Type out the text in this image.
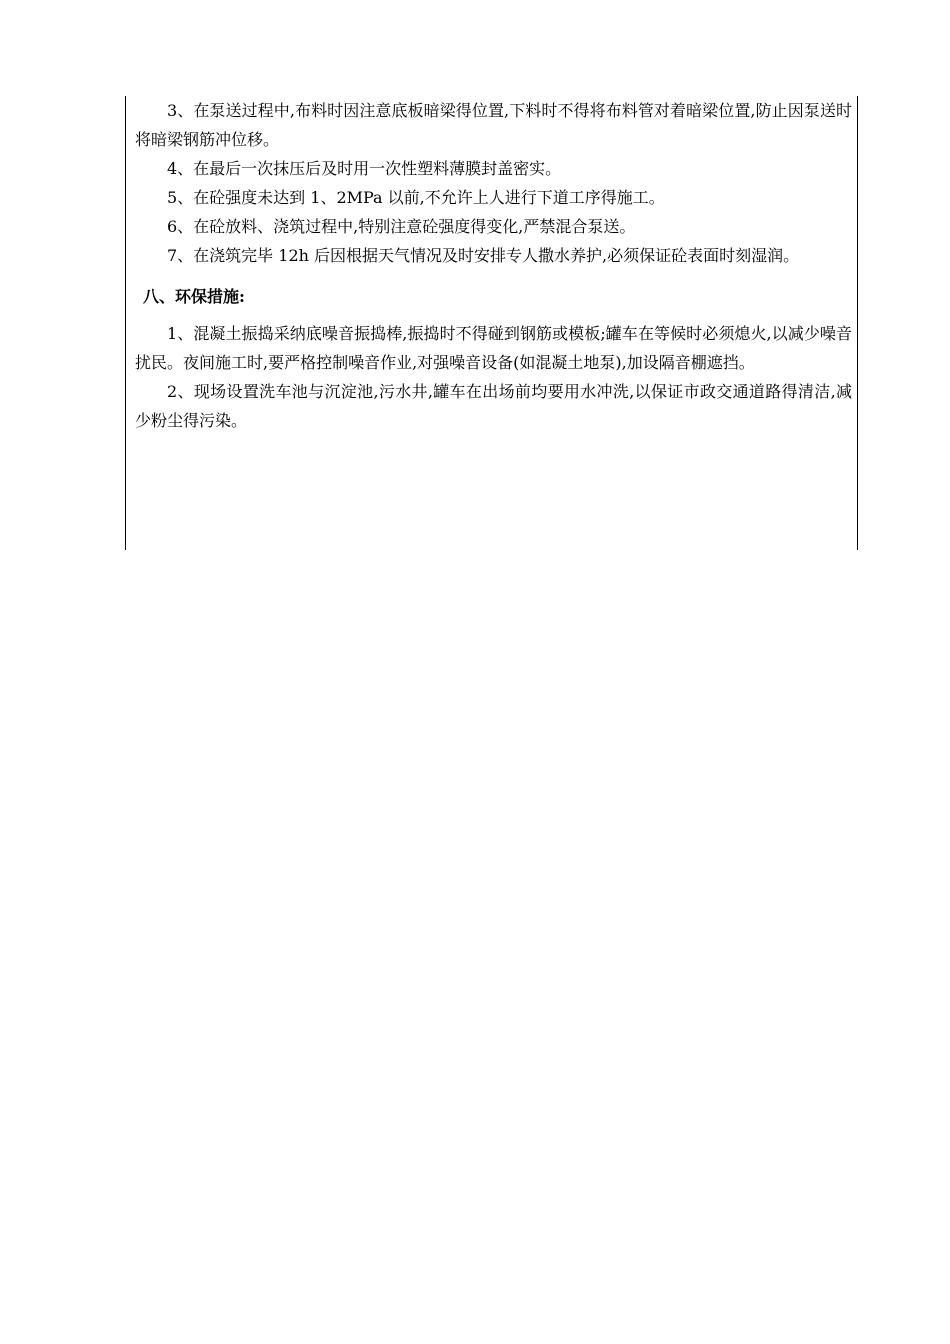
3、在泵送过程中,布料时因注意底板暗梁得位置,下料时不得将布料管对着暗梁位置,防止因泵送时将暗梁钢筋冲位移。

4、在最后一次抹压后及时用一次性塑料薄膜封盖密实。

5、在砼强度未达到 1、2MPa 以前,不允许上人进行下道工序得施工。

6、在砼放料、浇筑过程中,特别注意砼强度得变化,严禁混合泵送。

7、在浇筑完毕 12h 后因根据天气情况及时安排专人撒水养护,必须保证砼表面时刻湿润。

八、环保措施:

1、混凝土振捣采纳底噪音振捣棒,振捣时不得碰到钢筋或模板;罐车在等候时必须熄火,以减少噪音扰民。夜间施工时,要严格控制噪音作业,对强噪音设备(如混凝土地泵),加设隔音棚遮挡。

2、现场设置洗车池与沉淀池,污水井,罐车在出场前均要用水冲洗,以保证市政交通道路得清洁,减少粉尘得污染。
